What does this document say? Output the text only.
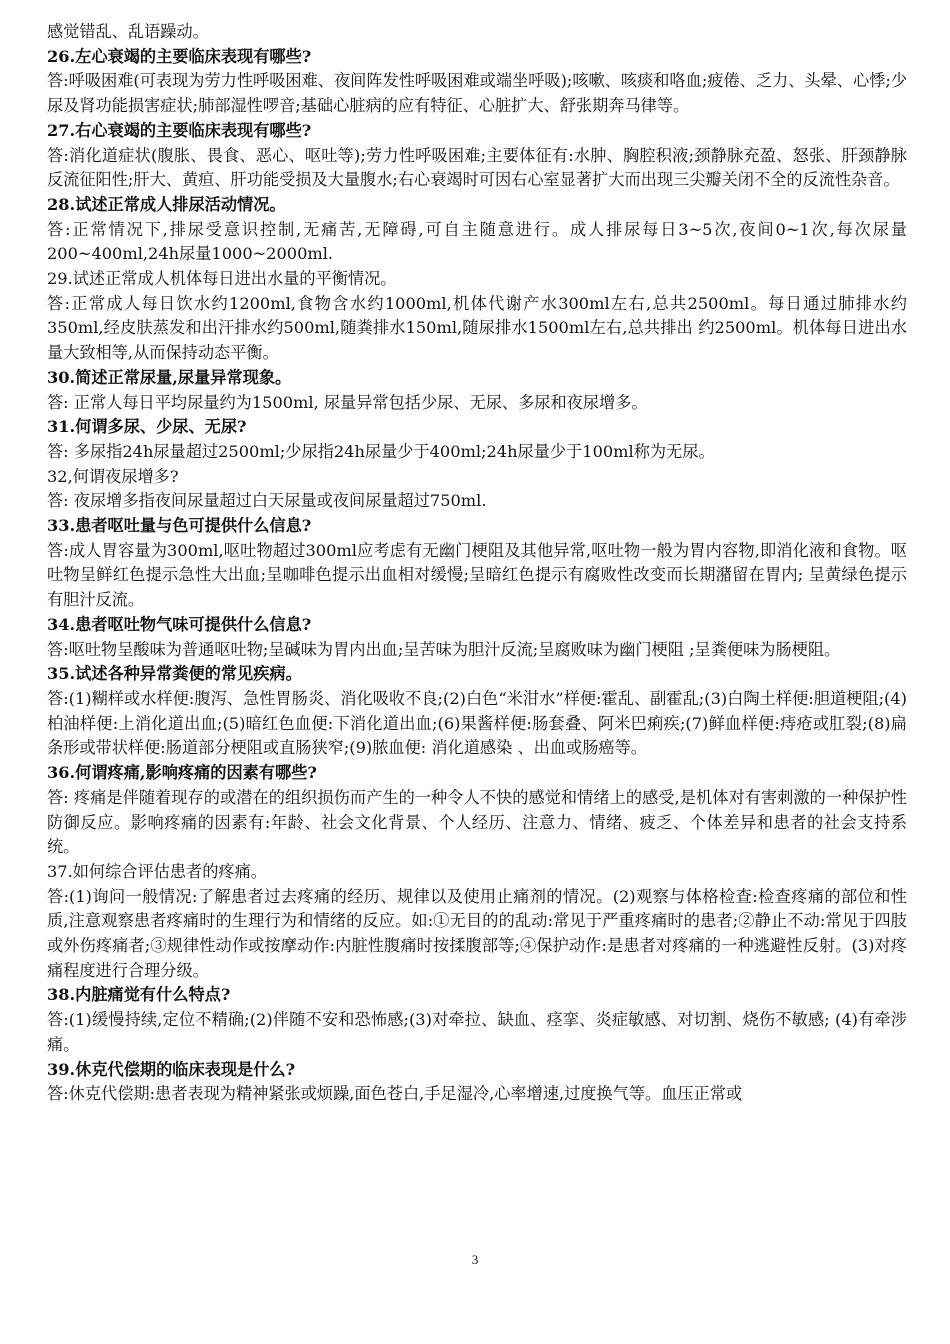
感觉错乱、乱语躁动。

26.左心衰竭的主要临床表现有哪些?

答:呼吸困难(可表现为劳力性呼吸困难、夜间阵发性呼吸困难或端坐呼吸);咳嗽、咳痰和咯血;疲倦、乏力、头晕、心悸;少尿及肾功能损害症状;肺部湿性啰音;基础心脏病的应有特征、心脏扩大、舒张期奔马律等。

27.右心衰竭的主要临床表现有哪些?

答:消化道症状(腹胀、畏食、恶心、呕吐等);劳力性呼吸困难;主要体征有:水肿、胸腔积液;颈静脉充盈、怒张、肝颈静脉反流征阳性;肝大、黄疸、肝功能受损及大量腹水;右心衰竭时可因右心室显著扩大而出现三尖瓣关闭不全的反流性杂音。

28.试述正常成人排尿活动情况。

答:正常情况下,排尿受意识控制,无痛苦,无障碍,可自主随意进行。成人排尿每日3~5次,夜间0~1次,每次尿量200~400ml,24h尿量1000~2000ml.

29.试述正常成人机体每日进出水量的平衡情况。

答:正常成人每日饮水约1200ml,食物含水约1000ml,机体代谢产水300ml左右,总共2500ml。每日通过肺排水约350ml,经皮肤蒸发和出汗排水约500ml,随粪排水150ml,随尿排水1500ml左右,总共排出 约2500ml。机体每日进出水量大致相等,从而保持动态平衡。

30.简述正常尿量,尿量异常现象。

答: 正常人每日平均尿量约为1500ml, 尿量异常包括少尿、无尿、多尿和夜尿增多。

31.何谓多尿、少尿、无尿?

答: 多尿指24h尿量超过2500ml;少尿指24h尿量少于400ml;24h尿量少于100ml称为无尿。

32,何谓夜尿增多?

答: 夜尿增多指夜间尿量超过白天尿量或夜间尿量超过750ml.

33.患者呕吐量与色可提供什么信息?

答:成人胃容量为300ml,呕吐物超过300ml应考虑有无幽门梗阻及其他异常,呕吐物一般为胃内容物,即消化液和食物。呕吐物呈鲜红色提示急性大出血;呈咖啡色提示出血相对缓慢;呈暗红色提示有腐败性改变而长期潴留在胃内; 呈黄绿色提示有胆汁反流。

34.患者呕吐物气味可提供什么信息?

答:呕吐物呈酸味为普通呕吐物;呈碱味为胃内出血;呈苦味为胆汁反流;呈腐败味为幽门梗阻 ;呈粪便味为肠梗阻。

35.试述各种异常粪便的常见疾病。

答:(1)糊样或水样便:腹泻、急性胃肠炎、消化吸收不良;(2)白色“米泔水”样便:霍乱、副霍乱;(3)白陶土样便:胆道梗阻;(4)柏油样便:上消化道出血;(5)暗红色血便:下消化道出血;(6)果酱样便:肠套叠、阿米巴痢疾;(7)鲜血样便:痔疮或肛裂;(8)扁条形或带状样便:肠道部分梗阻或直肠狭窄;(9)脓血便: 消化道感染 、出血或肠癌等。

36.何谓疼痛,影响疼痛的因素有哪些?

答: 疼痛是伴随着现存的或潜在的组织损伤而产生的一种令人不快的感觉和情绪上的感受,是机体对有害刺激的一种保护性防御反应。影响疼痛的因素有:年龄、社会文化背景、个人经历、注意力、情绪、疲乏、个体差异和患者的社会支持系统。

37.如何综合评估患者的疼痛。

答:(1)询问一般情况:了解患者过去疼痛的经历、规律以及使用止痛剂的情况。(2)观察与体格检查:检查疼痛的部位和性质,注意观察患者疼痛时的生理行为和情绪的反应。如:①无目的的乱动:常见于严重疼痛时的患者;②静止不动:常见于四肢或外伤疼痛者;③规律性动作或按摩动作:内脏性腹痛时按揉腹部等;④保护动作:是患者对疼痛的一种逃避性反射。(3)对疼痛程度进行合理分级。

38.内脏痛觉有什么特点?

答:(1)缓慢持续,定位不精确;(2)伴随不安和恐怖感;(3)对牵拉、缺血、痉挛、炎症敏感、对切割、烧伤不敏感; (4)有牵涉痛。

39.休克代偿期的临床表现是什么?

答:休克代偿期:患者表现为精神紧张或烦躁,面色苍白,手足湿冷,心率增速,过度换气等。血压正常或

3
